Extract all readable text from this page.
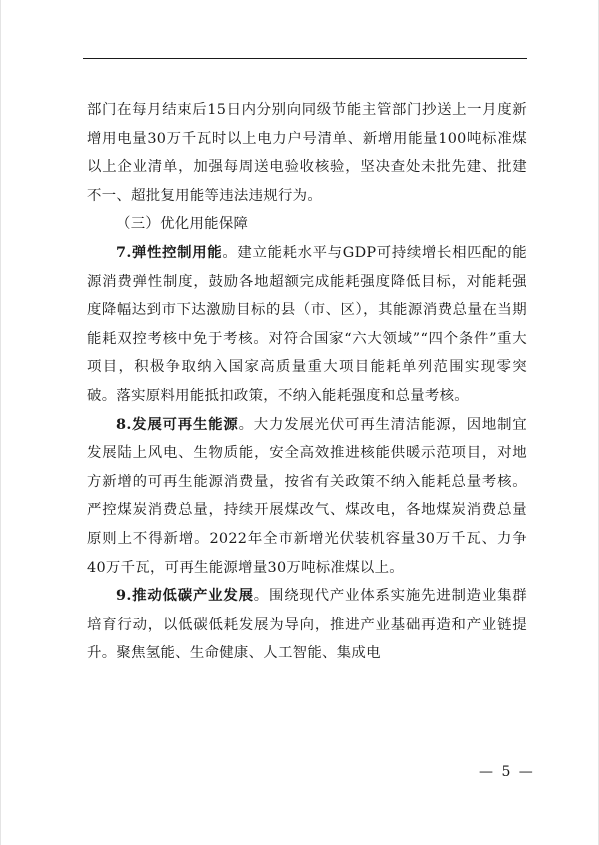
部门在每月结束后15日内分别向同级节能主管部门抄送上一月度新增用电量30万千瓦时以上电力户号清单、新增用能量100吨标准煤以上企业清单，加强每周送电验收核验，坚决查处未批先建、批建不一、超批复用能等违法违规行为。

（三）优化用能保障

7.弹性控制用能。建立能耗水平与GDP可持续增长相匹配的能源消费弹性制度，鼓励各地超额完成能耗强度降低目标，对能耗强度降幅达到市下达激励目标的县（市、区），其能源消费总量在当期能耗双控考核中免于考核。对符合国家“六大领域”“四个条件”重大项目，积极争取纳入国家高质量重大项目能耗单列范围实现零突破。落实原料用能抵扣政策，不纳入能耗强度和总量考核。

8.发展可再生能源。大力发展光伏可再生清洁能源，因地制宜发展陆上风电、生物质能，安全高效推进核能供暖示范项目，对地方新增的可再生能源消费量，按省有关政策不纳入能耗总量考核。严控煤炭消费总量，持续开展煤改气、煤改电，各地煤炭消费总量原则上不得新增。2022年全市新增光伏装机容量30万千瓦、力争40万千瓦，可再生能源增量30万吨标准煤以上。

9.推动低碳产业发展。围绕现代产业体系实施先进制造业集群培育行动，以低碳低耗发展为导向，推进产业基础再造和产业链提升。聚焦氢能、生命健康、人工智能、集成电

— 5 —
